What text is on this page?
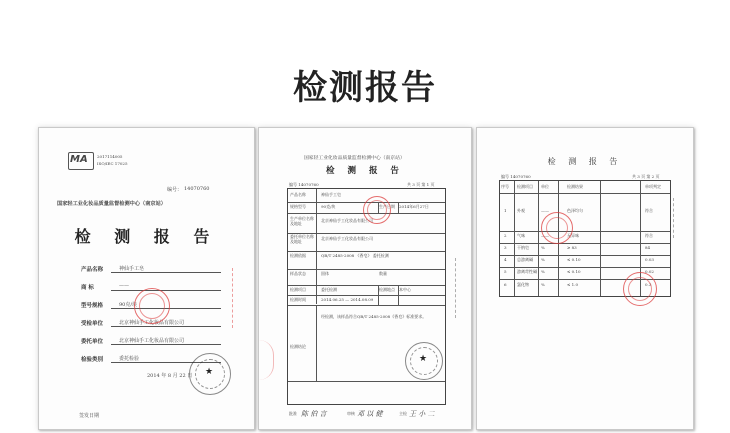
检测报告
MA 2017114005
ISO/IEC 17025
编号： 14070760
国家轻工业化妆品质量监督检测中心（南京站）
检 测 报 告
产品名称	神仙手工皂
商 标	——
型号规格	90克/块
受检单位	北京神仙手工化妆品有限公司
委托单位	北京神仙手工化妆品有限公司
检验类别	委托检验
★
签发日期
2014 年 8 月 22 日
国家轻工业化妆品质量监督检测中心（南京站）
检 测 报 告
编号 14070760	共 3 页 第 1 页
产品名称	神仙手工皂
规格型号	90克/块	生产日期 2014年6月27日
生产单位名称及地址
北京神仙手工化妆品有限公司
委托单位名称及地址
北京神仙手工化妆品有限公司
检测依据	QB/T 2485-2008 《香皂》 委托检测
样品状态	固体	数量
检测项目	委托检测	检测地点 本中心
检测时间	2014.06.25 — 2014.08.09
检测结论
经检测，该样品符合QB/T 2485-2008《香皂》标准要求。
★
批准 陈 伯 言	审核 邓 以 健	主检 王 小 二
检 测 报 告
编号 14070760	共 3 页 第 2 页
序号 检测项目 单位	检测结果	单项判定
1	外观	——	色泽均匀	符合
2	气味	——	无异味	符合
3	干钠皂	%	≥ 83	84
4	总游离碱 %	≤ 0.10	0.03
5	游离苛性碱 %	≤ 0.10	0.02
6	氯化物	%	≤ 1.0	0.3
